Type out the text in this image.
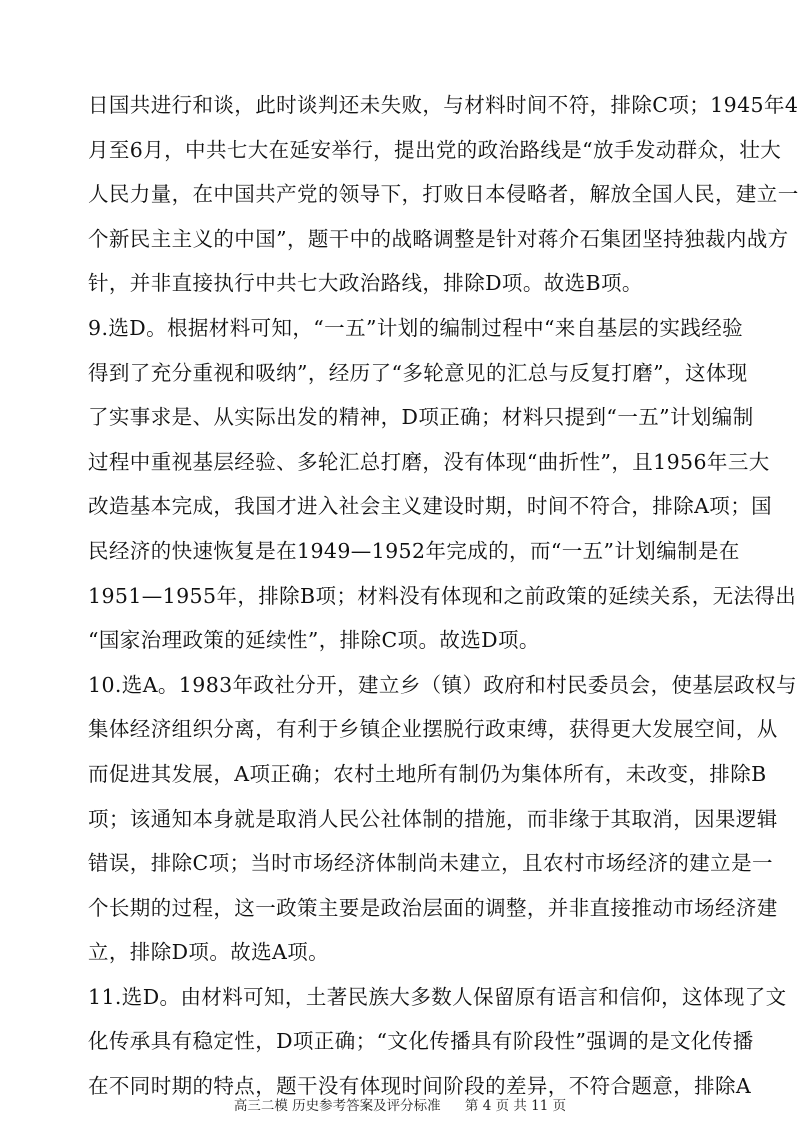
日国共进行和谈，此时谈判还未失败，与材料时间不符，排除C项；1945年4
月至6月，中共七大在延安举行，提出党的政治路线是“放手发动群众，壮大
人民力量，在中国共产党的领导下，打败日本侵略者，解放全国人民，建立一
个新民主主义的中国”，题干中的战略调整是针对蒋介石集团坚持独裁内战方
针，并非直接执行中共七大政治路线，排除D项。故选B项。
9.选D。根据材料可知，“一五”计划的编制过程中“来自基层的实践经验
得到了充分重视和吸纳”，经历了“多轮意见的汇总与反复打磨”，这体现
了实事求是、从实际出发的精神，D项正确；材料只提到“一五”计划编制
过程中重视基层经验、多轮汇总打磨，没有体现“曲折性”，且1956年三大
改造基本完成，我国才进入社会主义建设时期，时间不符合，排除A项；国
民经济的快速恢复是在1949—1952年完成的，而“一五”计划编制是在
1951—1955年，排除B项；材料没有体现和之前政策的延续关系，无法得出
“国家治理政策的延续性”，排除C项。故选D项。
10.选A。1983年政社分开，建立乡（镇）政府和村民委员会，使基层政权与
集体经济组织分离，有利于乡镇企业摆脱行政束缚，获得更大发展空间，从
而促进其发展，A项正确；农村土地所有制仍为集体所有，未改变，排除B
项；该通知本身就是取消人民公社体制的措施，而非缘于其取消，因果逻辑
错误，排除C项；当时市场经济体制尚未建立，且农村市场经济的建立是一
个长期的过程，这一政策主要是政治层面的调整，并非直接推动市场经济建
立，排除D项。故选A项。
11.选D。由材料可知，土著民族大多数人保留原有语言和信仰，这体现了文
化传承具有稳定性，D项正确；“文化传播具有阶段性”强调的是文化传播
在不同时期的特点，题干没有体现时间阶段的差异，不符合题意，排除A
高三二模 历史参考答案及评分标准 第 4 页 共 11 页
